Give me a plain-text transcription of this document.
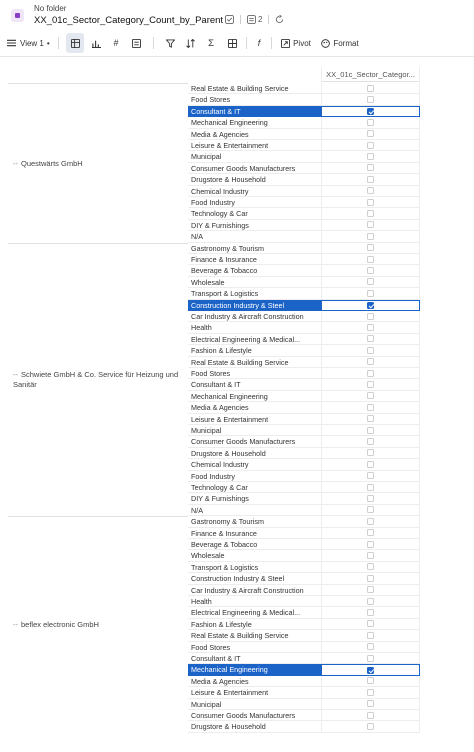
No folder
XX_01c_Sector_Category_Count_by_Parent	2
View 1 •	#	Σ	f	Pivot	Format
XX_01c_Sector_Categor...
-- Questwärts GmbH
Real Estate & Building Service
Food Stores
Consultant & IT
Mechanical Engineering
Media & Agencies
Leisure & Entertainment
Municipal
Consumer Goods Manufacturers
Drugstore & Household
Chemical Industry
Food Industry
Technology & Car
DIY & Furnishings
N/A
-- Schwiete GmbH & Co. Service für Heizung und Sanitär
Gastronomy & Tourism
Finance & Insurance
Beverage & Tobacco
Wholesale
Transport & Logistics
Construction Industry & Steel
Car Industry & Aircraft Construction
Health
Electrical Engineering & Medical...
Fashion & Lifestyle
Real Estate & Building Service
Food Stores
Consultant & IT
Mechanical Engineering
Media & Agencies
Leisure & Entertainment
Municipal
Consumer Goods Manufacturers
Drugstore & Household
Chemical Industry
Food Industry
Technology & Car
DIY & Furnishings
N/A
-- beflex electronic GmbH
Gastronomy & Tourism
Finance & Insurance
Beverage & Tobacco
Wholesale
Transport & Logistics
Construction Industry & Steel
Car Industry & Aircraft Construction
Health
Electrical Engineering & Medical...
Fashion & Lifestyle
Real Estate & Building Service
Food Stores
Consultant & IT
Mechanical Engineering
Media & Agencies
Leisure & Entertainment
Municipal
Consumer Goods Manufacturers
Drugstore & Household
